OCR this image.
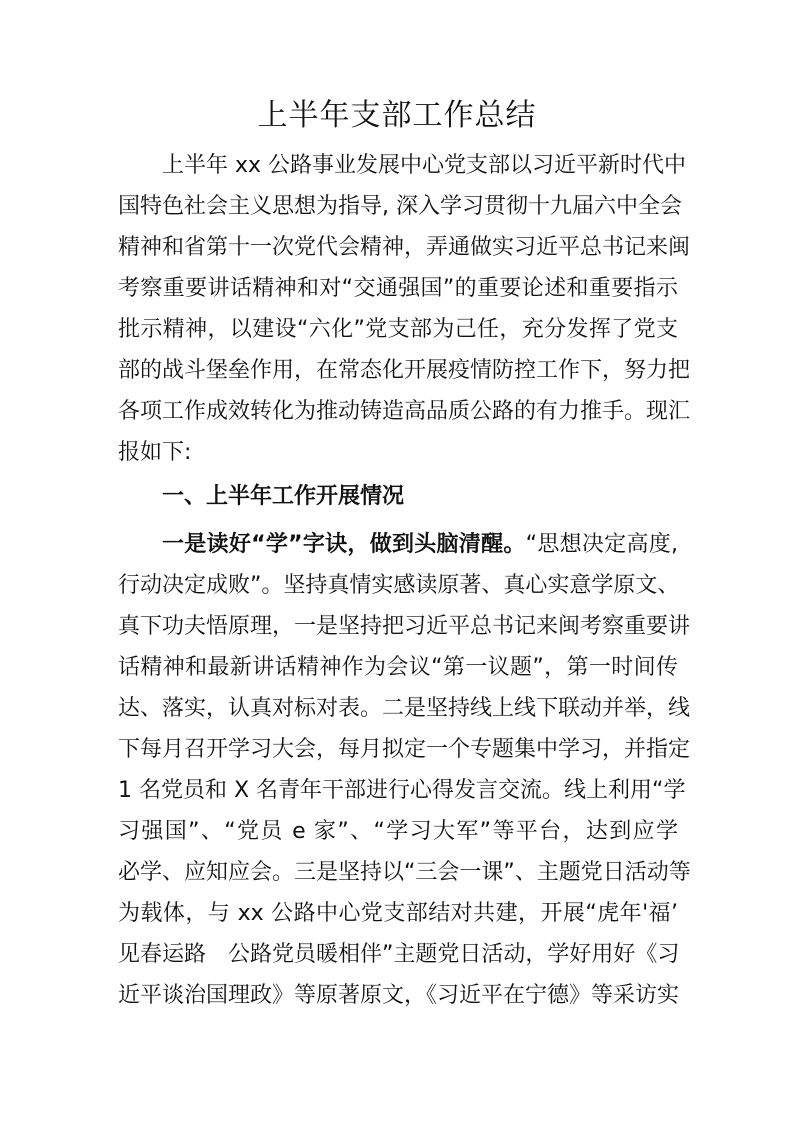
上半年支部工作总结
上半年 xx 公路事业发展中心党支部以习近平新时代中
国特色社会主义思想为指导, 深入学习贯彻十九届六中全会
精神和省第十一次党代会精神，弄通做实习近平总书记来闽
考察重要讲话精神和对“交通强国”的重要论述和重要指示
批示精神，以建设“六化”党支部为己任，充分发挥了党支
部的战斗堡垒作用，在常态化开展疫情防控工作下，努力把
各项工作成效转化为推动铸造高品质公路的有力推手。现汇
报如下:
一、上半年工作开展情况
一是读好“学”字诀，做到头脑清醒。“思想决定高度,
行动决定成败”。坚持真情实感读原著、真心实意学原文、
真下功夫悟原理，一是坚持把习近平总书记来闽考察重要讲
话精神和最新讲话精神作为会议“第一议题”，第一时间传
达、落实，认真对标对表。二是坚持线上线下联动并举，线
下每月召开学习大会，每月拟定一个专题集中学习，并指定
1 名党员和 X 名青年干部进行心得发言交流。线上利用“学
习强国”、“党员 e 家”、“学习大军”等平台，达到应学
必学、应知应会。三是坚持以“三会一课”、主题党日活动等
为载体，与 xx 公路中心党支部结对共建，开展“虎年'福’
见春运路　公路党员暖相伴”主题党日活动，学好用好《习
近平谈治国理政》等原著原文，《习近平在宁德》等采访实
